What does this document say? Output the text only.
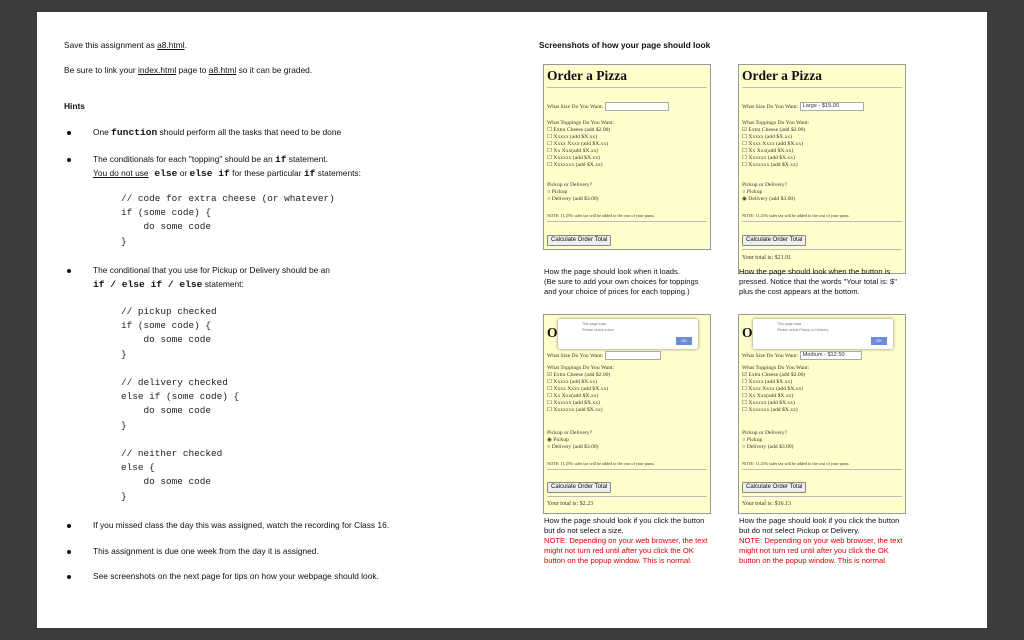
Save this assignment as a8.html.
Be sure to link your index.html page to a8.html so it can be graded.
Hints
One function should perform all the tasks that need to be done
The conditionals for each "topping" should be an if statement.
You do not use else or else if for these particular if statements:
// code for extra cheese (or whatever)
if (some code) {
do some code
}
The conditional that you use for Pickup or Delivery should be an
if / else if / else statement:
// pickup checked
if (some code) {
do some code
}

// delivery checked
else if (some code) {
do some code
}

// neither checked
else {
do some code
}
If you missed class the day this was assigned, watch the recording for Class 16.
This assignment is due one week from the day it is assigned.
See screenshots on the next page for tips on how your webpage should look.
Screenshots of how your page should look
Order a Pizza
What Size Do You Want:
What Toppings Do You Want:
☐ Extra Cheese (add $2.00)
☐ Xxxxx (add $X.xx)
☐ Xxxx Xxxx (add $X.xx)
☐ Xx Xxx(add $X.xx)
☐ Xxxxxx (add $X.xx)
☐ Xxxxxxx (add $X.xx)
Pickup or Delivery?
○ Pickup
○ Delivery (add $3.00)
NOTE: 11.25% sales tax will be added to the cost of your pizza.
Calculate Order Total
Order a Pizza
What Size Do You Want: Large - $15.00
What Toppings Do You Want:
☑ Extra Cheese (add $2.00)
☐ Xxxxx (add $X.xx)
☐ Xxxx Xxxx (add $X.xx)
☐ Xx Xxx(add $X.xx)
☐ Xxxxxx (add $X.xx)
☐ Xxxxxxx (add $X.xx)
Pickup or Delivery?
○ Pickup
◉ Delivery (add $3.00)
NOTE: 11.25% sales tax will be added to the cost of your pizza.
Calculate Order Total
Your total is: $21.91
How the page should look when it loads.
(Be sure to add your own choices for toppings
and your choice of prices for each topping.)
How the page should look when the button is
pressed. Notice that the words "Your total is: $"
plus the cost appears at the bottom.
O
This page says
Please select a size
OK
What Size Do You Want:
What Toppings Do You Want:
☑ Extra Cheese (add $2.00)
☐ Xxxxx (add $X.xx)
☐ Xxxx Xxxx (add $X.xx)
☐ Xx Xxx(add $X.xx)
☐ Xxxxxx (add $X.xx)
☐ Xxxxxxx (add $X.xx)
Pickup or Delivery?
◉ Pickup
○ Delivery (add $3.00)
NOTE: 11.25% sales tax will be added to the cost of your pizza.
Calculate Order Total
Your total is: $2.23
O
This page says
Please select Pickup or Delivery
OK
What Size Do You Want: Medium - $12.50
What Toppings Do You Want:
☑ Extra Cheese (add $2.00)
☐ Xxxxx (add $X.xx)
☐ Xxxx Xxxx (add $X.xx)
☐ Xx Xxx(add $X.xx)
☐ Xxxxxx (add $X.xx)
☐ Xxxxxxx (add $X.xx)
Pickup or Delivery?
○ Pickup
○ Delivery (add $3.00)
NOTE: 11.25% sales tax will be added to the cost of your pizza.
Calculate Order Total
Your total is: $16.13
How the page should look if you click the button
but do not select a size.
NOTE: Depending on your web browser, the text
might not turn red until after you click the OK
button on the popup window. This is normal.
How the page should look if you click the button
but do not select Pickup or Delivery.
NOTE: Depending on your web browser, the text
might not turn red until after you click the OK
button on the popup window. This is normal.
